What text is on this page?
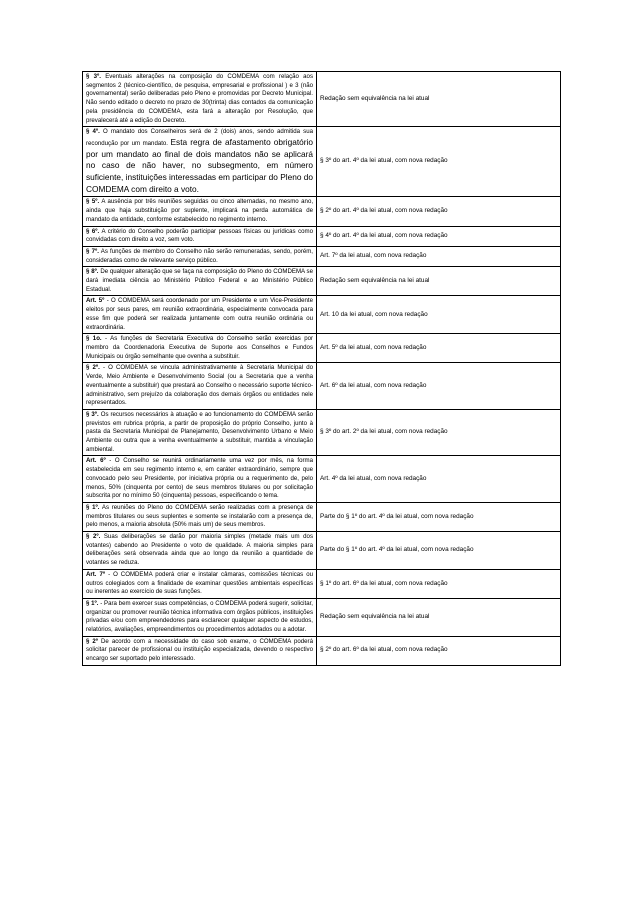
§ 3º. Eventuais alterações na composição do COMDEMA com relação aos segmentos 2 (técnico-científico, de pesquisa, empresarial e profissional ) e 3 (não governamental) serão deliberadas pelo Pleno e promovidas por Decreto Municipal. Não sendo editado o decreto no prazo de 30(trinta) dias contados da comunicação pela presidência do COMDEMA, esta fará a alteração por Resolução, que prevalecerá até a edição do Decreto.	Redação sem equivalência na lei atual
§ 4º. O mandato dos Conselheiros será de 2 (dois) anos, sendo admitida sua recondução por um mandato. Esta regra de afastamento obrigatório por um mandato ao final de dois mandatos não se aplicará no caso de não haver, no subsegmento, em número suficiente, instituições interessadas em participar do Pleno do COMDEMA com direito a voto.	§ 3º do art. 4º da lei atual, com nova redação
§ 5º. A ausência por três reuniões seguidas ou cinco alternadas, no mesmo ano, ainda que haja substituição por suplente, implicará na perda automática de mandato da entidade, conforme estabelecido no regimento interno.	§ 2º do art. 4º da lei atual, com nova redação
§ 6º. A critério do Conselho poderão participar pessoas físicas ou jurídicas como convidadas com direito a voz, sem voto.	§ 4º do art. 4º da lei atual, com nova redação
§ 7º. As funções de membro do Conselho não serão remuneradas, sendo, porém, consideradas como de relevante serviço público.	Art. 7º da lei atual, com nova redação
§ 8º. De qualquer alteração que se faça na composição do Pleno do COMDEMA se dará imediata ciência ao Ministério Público Federal e ao Ministério Público Estadual.	Redação sem equivalência na lei atual
Art. 5º - O COMDEMA será coordenado por um Presidente e um Vice-Presidente eleitos por seus pares, em reunião extraordinária, especialmente convocada para esse fim que poderá ser realizada juntamente com outra reunião ordinária ou extraordinária.	Art. 10 da lei atual, com nova redação
§ 1o. - As funções de Secretaria Executiva do Conselho serão exercidas por membro da Coordenadoria Executiva de Suporte aos Conselhos e Fundos Municipais ou órgão semelhante que ovenha a substituir.	Art. 5º da lei atual, com nova redação
§ 2º. - O COMDEMA se vincula administrativamente à Secretaria Municipal do Verde, Meio Ambiente e Desenvolvimento Social (ou a Secretaria que a venha eventualmente a substituir) que prestará ao Conselho o necessário suporte técnico-administrativo, sem prejuízo da colaboração dos demais órgãos ou entidades nele representados.	Art. 6º da lei atual, com nova redação
§ 3º. Os recursos necessários à atuação e ao funcionamento do COMDEMA serão previstos em rubrica própria, a partir de proposição do próprio Conselho, junto à pasta da Secretaria Municipal de Planejamento, Desenvolvimento Urbano e Meio Ambiente ou outra que a venha eventualmente a substituir, mantida a vinculação ambiental.	§ 3º do art. 2º da lei atual, com nova redação
Art. 6º - O Conselho se reunirá ordinariamente uma vez por mês, na forma estabelecida em seu regimento interno e, em caráter extraordinário, sempre que convocado pelo seu Presidente, por iniciativa própria ou a requerimento de, pelo menos, 50% (cinquenta por cento) de seus membros titulares ou por solicitação subscrita por no mínimo 50 (cinquenta) pessoas, especificando o tema.	Art. 4º da lei atual, com nova redação
§ 1º. As reuniões do Pleno do COMDEMA serão realizadas com a presença de membros titulares ou seus suplentes e somente se instalarão com a presença de, pelo menos, a maioria absoluta (50% mais um) de seus membros.	Parte do § 1º do art. 4º da lei atual, com nova redação
§ 2º. Suas deliberações se darão por maioria simples (metade mais um dos votantes) cabendo ao Presidente o voto de qualidade. A maioria simples para deliberações será observada ainda que ao longo da reunião a quantidade de votantes se reduza.	Parte do § 1º do art. 4º da lei atual, com nova redação
Art. 7º - O COMDEMA poderá criar e instalar câmaras, comissões técnicas ou outros colegiados com a finalidade de examinar questões ambientais específicas ou inerentes ao exercício de suas funções.	§ 1º do art. 6º da lei atual, com nova redação
§ 1º. - Para bem exercer suas competências, o COMDEMA poderá sugerir, solicitar, organizar ou promover reunião técnica informativa com órgãos públicos, instituições privadas e/ou com empreendedores para esclarecer qualquer aspecto de estudos, relatórios, avaliações, empreendimentos ou procedimentos adotados ou a adotar.	Redação sem equivalência na lei atual
§ 2º De acordo com a necessidade do caso sob exame, o COMDEMA poderá solicitar parecer de profissional ou instituição especializada, devendo o respectivo encargo ser suportado pelo interessado.	§ 2º do art. 6º da lei atual, com nova redação
